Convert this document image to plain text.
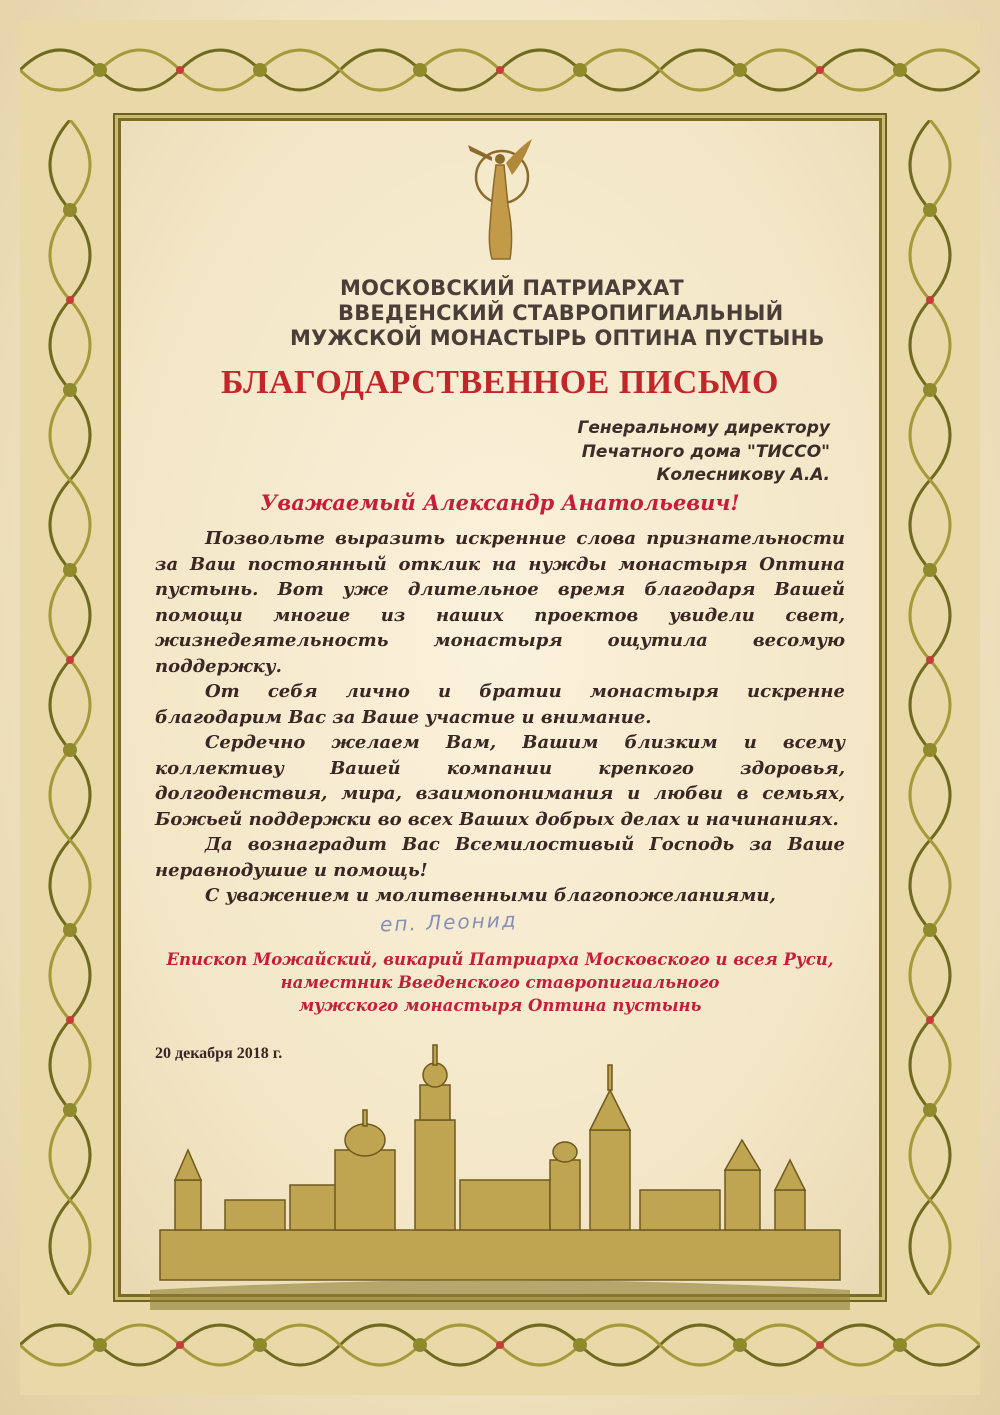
МОСКОВСКИЙ ПАТРИАРХАТ
ВВЕДЕНСКИЙ СТАВРОПИГИАЛЬНЫЙ
МУЖСКОЙ МОНАСТЫРЬ ОПТИНА ПУСТЫНЬ
БЛАГОДАРСТВЕННОЕ ПИСЬМО
Генеральному директору
Печатного дома "ТИССО"
Колесникову А.А.
Уважаемый Александр Анатольевич!

Позвольте выразить искренние слова признательности за Ваш постоянный отклик на нужды монастыря Оптина пустынь. Вот уже длительное время благодаря Вашей помощи многие из наших проектов увидели свет, жизнедеятельность монастыря ощутила весомую поддержку.

От себя лично и братии монастыря искренне благодарим Вас за Ваше участие и внимание.

Сердечно желаем Вам, Вашим близким и всему коллективу Вашей компании крепкого здоровья, долгоденствия, мира, взаимопонимания и любви в семьях, Божьей поддержки во всех Ваших добрых делах и начинаниях.

Да вознаградит Вас Всемилостивый Господь за Ваше неравнодушие и помощь!

С уважением и молитвенными благопожеланиями,

еп. Леонид
Епископ Можайский, викарий Патриарха Московского и всея Руси,
наместник Введенского ставропигиального
мужского монастыря Оптина пустынь
20 декабря 2018 г.
